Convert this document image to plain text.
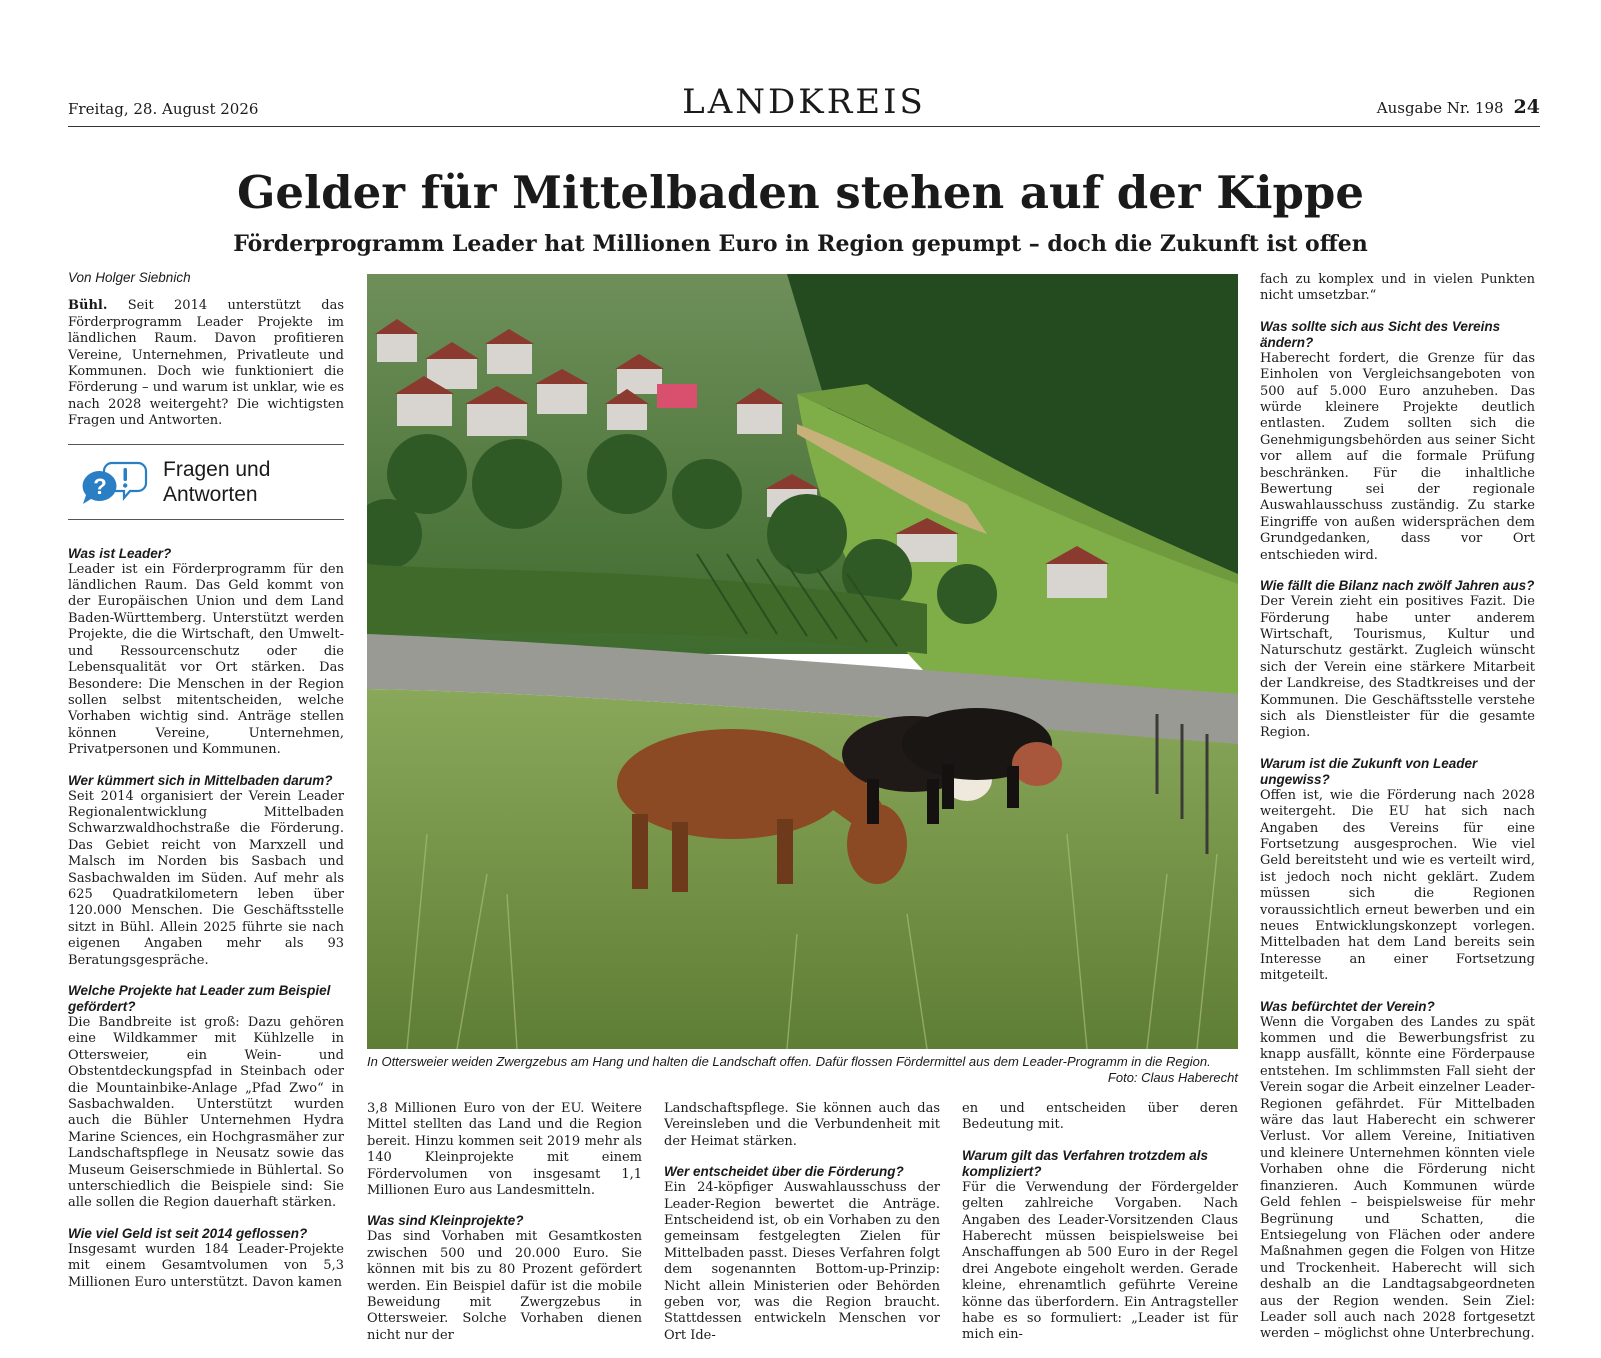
Freitag, 28. August 2026	LANDKREIS	Ausgabe Nr. 198 24
Gelder für Mittelbaden stehen auf der Kippe
Förderprogramm Leader hat Millionen Euro in Region gepumpt – doch die Zukunft ist offen
Von Holger Siebnich

Bühl. Seit 2014 unterstützt das Förderprogramm Leader Projekte im ländlichen Raum. Davon profitieren Vereine, Unternehmen, Privatleute und Kommunen. Doch wie funktioniert die Förderung – und warum ist unklar, wie es nach 2028 weitergeht? Die wichtigsten Fragen und Antworten.

?
Fragen und
Antworten
Was ist Leader?

Leader ist ein Förderprogramm für den ländlichen Raum. Das Geld kommt von der Europäischen Union und dem Land Baden-Württemberg. Unterstützt werden Projekte, die die Wirtschaft, den Umwelt- und Ressourcenschutz oder die Lebensqualität vor Ort stärken. Das Besondere: Die Menschen in der Region sollen selbst mitentscheiden, welche Vorhaben wichtig sind. Anträge stellen können Vereine, Unternehmen, Privatpersonen und Kommunen.

Wer kümmert sich in Mittelbaden darum?

Seit 2014 organisiert der Verein Leader Regionalentwicklung Mittelbaden Schwarzwaldhochstraße die Förderung. Das Gebiet reicht von Marxzell und Malsch im Norden bis Sasbach und Sasbachwalden im Süden. Auf mehr als 625 Quadratkilometern leben über 120.000 Menschen. Die Geschäftsstelle sitzt in Bühl. Allein 2025 führte sie nach eigenen Angaben mehr als 93 Beratungsgespräche.

Welche Projekte hat Leader zum Beispiel gefördert?

Die Bandbreite ist groß: Dazu gehören eine Wildkammer mit Kühlzelle in Ottersweier, ein Wein- und Obstentdeckungspfad in Steinbach oder die Mountainbike-Anlage „Pfad Zwo“ in Sasbachwalden. Unterstützt wurden auch die Bühler Unternehmen Hydra Marine Sciences, ein Hochgrasmäher zur Landschaftspflege in Neusatz sowie das Museum Geiserschmiede in Bühlertal. So unterschiedlich die Beispiele sind: Sie alle sollen die Region dauerhaft stärken.

Wie viel Geld ist seit 2014 geflossen?

Insgesamt wurden 184 Leader-Projekte mit einem Gesamtvolumen von 5,3 Millionen Euro unterstützt. Davon kamen

In Ottersweier weiden Zwergzebus am Hang und halten die Landschaft offen. Dafür flossen Fördermittel aus dem Leader-Programm in die Region.
Foto: Claus Haberecht

3,8 Millionen Euro von der EU. Weitere Mittel stellten das Land und die Region bereit. Hinzu kommen seit 2019 mehr als 140 Kleinprojekte mit einem Fördervolumen von insgesamt 1,1 Millionen Euro aus Landesmitteln.

Was sind Kleinprojekte?

Das sind Vorhaben mit Gesamtkosten zwischen 500 und 20.000 Euro. Sie können mit bis zu 80 Prozent gefördert werden. Ein Beispiel dafür ist die mobile Beweidung mit Zwergzebus in Ottersweier. Solche Vorhaben dienen nicht nur der

Landschaftspflege. Sie können auch das Vereinsleben und die Verbundenheit mit der Heimat stärken.

Wer entscheidet über die Förderung?

Ein 24-köpfiger Auswahlausschuss der Leader-Region bewertet die Anträge. Entscheidend ist, ob ein Vorhaben zu den gemeinsam festgelegten Zielen für Mittelbaden passt. Dieses Verfahren folgt dem sogenannten Bottom-up-Prinzip: Nicht allein Ministerien oder Behörden geben vor, was die Region braucht. Stattdessen entwickeln Menschen vor Ort Ide-

en und entscheiden über deren Bedeutung mit.

Warum gilt das Verfahren trotzdem als kompliziert?

Für die Verwendung der Fördergelder gelten zahlreiche Vorgaben. Nach Angaben des Leader-Vorsitzenden Claus Haberecht müssen beispielsweise bei Anschaffungen ab 500 Euro in der Regel drei Angebote eingeholt werden. Gerade kleine, ehrenamtlich geführte Vereine könne das überfordern. Ein Antragsteller habe es so formuliert: „Leader ist für mich ein-

fach zu komplex und in vielen Punkten nicht umsetzbar.“

Was sollte sich aus Sicht des Vereins ändern?

Haberecht fordert, die Grenze für das Einholen von Vergleichsangeboten von 500 auf 5.000 Euro anzuheben. Das würde kleinere Projekte deutlich entlasten. Zudem sollten sich die Genehmigungsbehörden aus seiner Sicht vor allem auf die formale Prüfung beschränken. Für die inhaltliche Bewertung sei der regionale Auswahlausschuss zuständig. Zu starke Eingriffe von außen widersprächen dem Grundgedanken, dass vor Ort entschieden wird.

Wie fällt die Bilanz nach zwölf Jahren aus?

Der Verein zieht ein positives Fazit. Die Förderung habe unter anderem Wirtschaft, Tourismus, Kultur und Naturschutz gestärkt. Zugleich wünscht sich der Verein eine stärkere Mitarbeit der Landkreise, des Stadtkreises und der Kommunen. Die Geschäftsstelle verstehe sich als Dienstleister für die gesamte Region.

Warum ist die Zukunft von Leader ungewiss?

Offen ist, wie die Förderung nach 2028 weitergeht. Die EU hat sich nach Angaben des Vereins für eine Fortsetzung ausgesprochen. Wie viel Geld bereitsteht und wie es verteilt wird, ist jedoch noch nicht geklärt. Zudem müssen sich die Regionen voraussichtlich erneut bewerben und ein neues Entwicklungskonzept vorlegen. Mittelbaden hat dem Land bereits sein Interesse an einer Fortsetzung mitgeteilt.

Was befürchtet der Verein?

Wenn die Vorgaben des Landes zu spät kommen und die Bewerbungsfrist zu knapp ausfällt, könnte eine Förderpause entstehen. Im schlimmsten Fall sieht der Verein sogar die Arbeit einzelner Leader-Regionen gefährdet. Für Mittelbaden wäre das laut Haberecht ein schwerer Verlust. Vor allem Vereine, Initiativen und kleinere Unternehmen könnten viele Vorhaben ohne die Förderung nicht finanzieren. Auch Kommunen würde Geld fehlen – beispielsweise für mehr Begrünung und Schatten, die Entsiegelung von Flächen oder andere Maßnahmen gegen die Folgen von Hitze und Trockenheit. Haberecht will sich deshalb an die Landtagsabgeordneten aus der Region wenden. Sein Ziel: Leader soll auch nach 2028 fortgesetzt werden – möglichst ohne Unterbrechung.
